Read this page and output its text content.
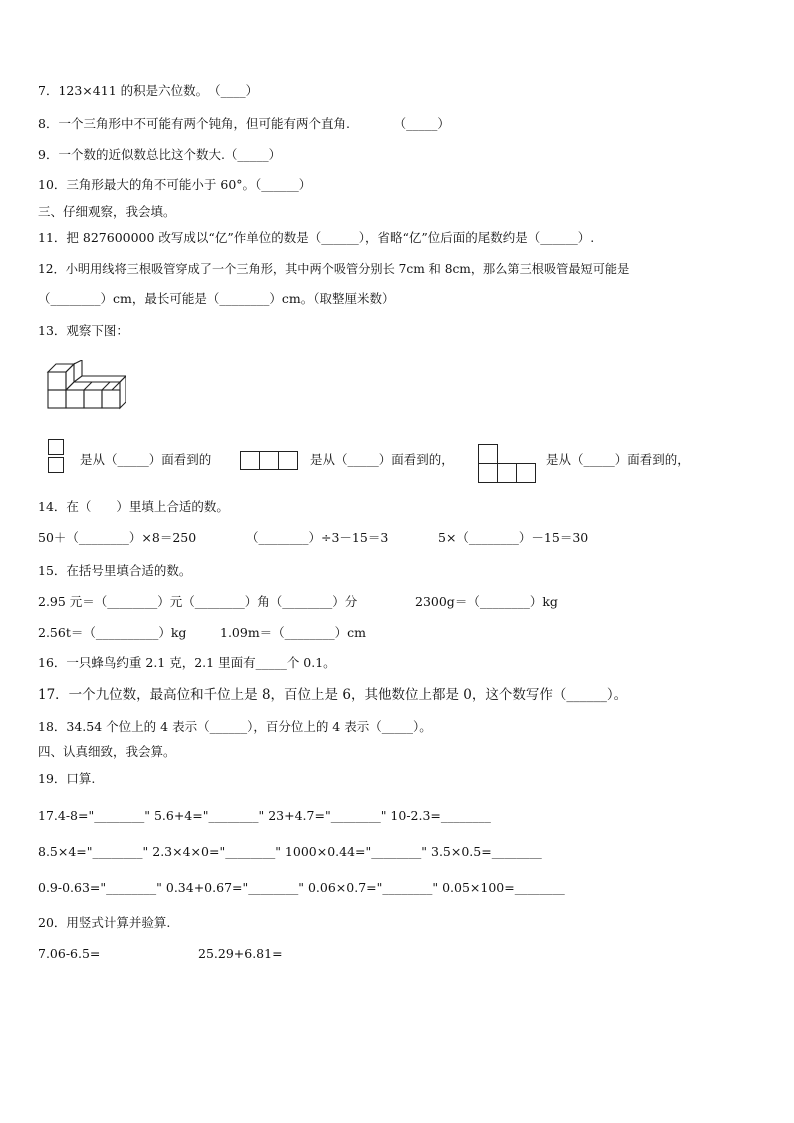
7．123×411 的积是六位数。　（____）
8．一个三角形中不可能有两个钝角，但可能有两个直角.　　　　（_____）
9．一个数的近似数总比这个数大.（_____）
10．三角形最大的角不可能小于 60°。（______）
三、仔细观察，我会填。
11．把 827600000 改写成以“亿”作单位的数是（______），省略“亿”位后面的尾数约是（______）.
12．小明用线将三根吸管穿成了一个三角形，其中两个吸管分别长 7cm 和 8cm，那么第三根吸管最短可能是
（________）cm，最长可能是（________）cm。（取整厘米数）
13．观察下图：
是从（_____）面看到的	是从（_____）面看到的，	是从（_____）面看到的，
14．在（　　）里填上合适的数。
50＋（________）×8＝250	（________）÷3－15＝3	5×（________）－15＝30
15．在括号里填合适的数。
2.95 元＝（________）元（________）角（________）分	2300g＝（________）kg
2.56t＝（__________）kg	1.09m＝（________）cm
16．一只蜂鸟约重 2.1 克，2.1 里面有_____个 0.1。
17．一个九位数，最高位和千位上是 8，百位上是 6，其他数位上都是 0，这个数写作（______）。
18．34.54 个位上的 4 表示（______），百分位上的 4 表示（_____）。
四、认真细致，我会算。
19．口算.
17.4-8="________" 5.6+4="________" 23+4.7="________" 10-2.3=________
8.5×4="________" 2.3×4×0="________" 1000×0.44="________" 3.5×0.5=________
0.9-0.63="________" 0.34+0.67="________" 0.06×0.7="________" 0.05×100=________
20．用竖式计算并验算.
7.06-6.5=	25.29+6.81=
